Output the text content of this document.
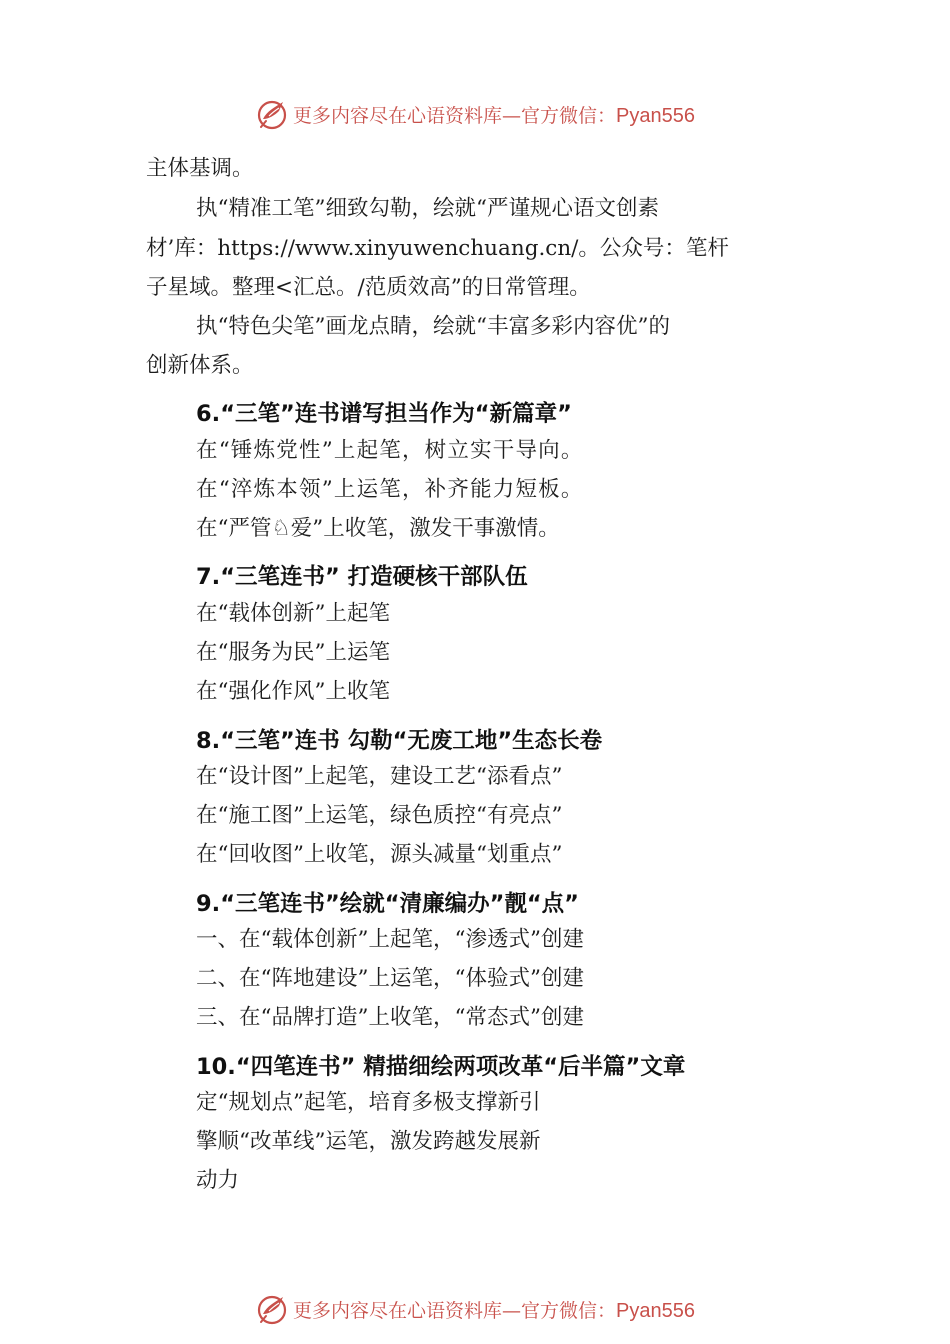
更多内容尽在心语资料库—官方微信：Pyan556
主体基调。
执“精准工笔”细致勾勒，绘就“严谨规心语文创素
材’库：https://www.xinyuwenchuang.cn/。公众号：笔杆
子星域。整理<汇总。/范质效高”的日常管理。
执“特色尖笔”画龙点睛，绘就“丰富多彩内容优”的
创新体系。
6.“三笔”连书谱写担当作为“新篇章”
在“锤炼党性”上起笔，树立实干导向。
在“淬炼本领”上运笔，补齐能力短板。
在“严管♘爱”上收笔，激发干事激情。
7.“三笔连书” 打造硬核干部队伍
在“载体创新”上起笔
在“服务为民”上运笔
在“强化作风”上收笔
8.“三笔”连书 勾勒“无废工地”生态长卷
在“设计图”上起笔，建设工艺“添看点”
在“施工图”上运笔，绿色质控“有亮点”
在“回收图”上收笔，源头减量“划重点”
9.“三笔连书”绘就“清廉编办”靓“点”
一、在“载体创新”上起笔，“渗透式”创建
二、在“阵地建设”上运笔，“体验式”创建
三、在“品牌打造”上收笔，“常态式”创建
10.“四笔连书” 精描细绘两项改革“后半篇”文章
定“规划点”起笔，培育多极支撑新引
擎顺“改革线”运笔，激发跨越发展新
动力
更多内容尽在心语资料库—官方微信：Pyan556
